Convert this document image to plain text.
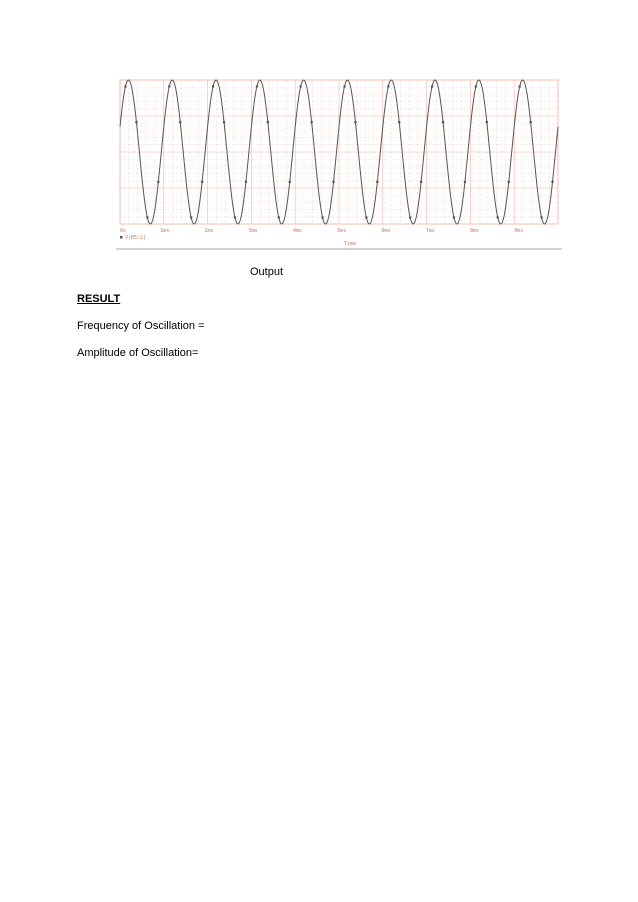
0s	1ms	2ms	3ms	4ms	5ms	6ms	7ms	8ms	9ms
V(R5:2)
Time
Output
RESULT
Frequency of Oscillation =
Amplitude of Oscillation=
